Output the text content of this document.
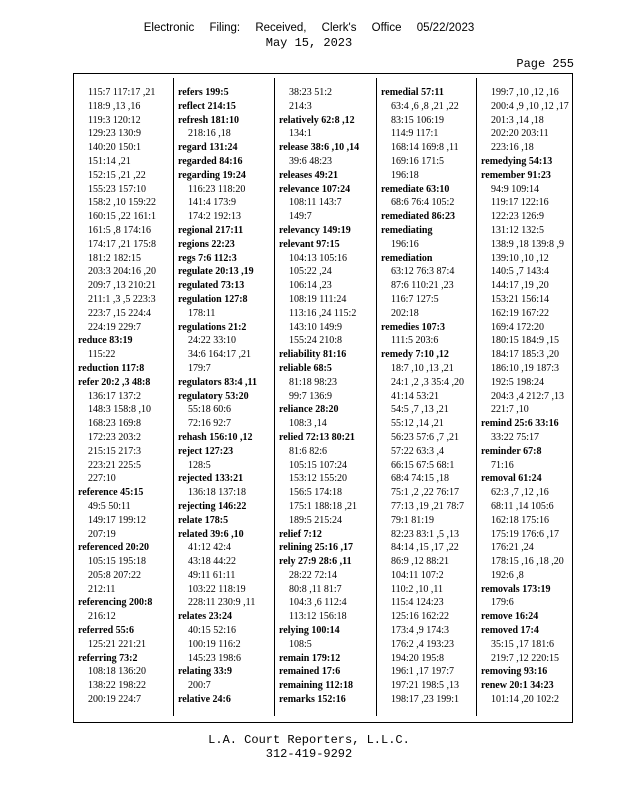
Electronic Filing: Received, Clerk's Office 05/22/2023
May 15, 2023
Page 255
115:7 117:17 ,21
118:9 ,13 ,16
119:3 120:12
129:23 130:9
140:20 150:1
151:14 ,21
152:15 ,21 ,22
155:23 157:10
158:2 ,10 159:22
160:15 ,22 161:1
161:5 ,8 174:16
174:17 ,21 175:8
181:2 182:15
203:3 204:16 ,20
209:7 ,13 210:21
211:1 ,3 ,5 223:3
223:7 ,15 224:4
224:19 229:7
reduce 83:19
115:22
reduction 117:8
refer 20:2 ,3 48:8
136:17 137:2
148:3 158:8 ,10
168:23 169:8
172:23 203:2
215:15 217:3
223:21 225:5
227:10
reference 45:15
49:5 50:11
149:17 199:12
207:19
referenced 20:20
105:15 195:18
205:8 207:22
212:11
referencing 200:8
216:12
referred 55:6
125:21 221:21
referring 73:2
108:18 136:20
138:22 198:22
200:19 224:7
refers 199:5
reflect 214:15
refresh 181:10
218:16 ,18
regard 131:24
regarded 84:16
regarding 19:24
116:23 118:20
141:4 173:9
174:2 192:13
regional 217:11
regions 22:23
regs 7:6 112:3
regulate 20:13 ,19
regulated 73:13
regulation 127:8
178:11
regulations 21:2
24:22 33:10
34:6 164:17 ,21
179:7
regulators 83:4 ,11
regulatory 53:20
55:18 60:6
72:16 92:7
rehash 156:10 ,12
reject 127:23
128:5
rejected 133:21
136:18 137:18
rejecting 146:22
relate 178:5
related 39:6 ,10
41:12 42:4
43:18 44:22
49:11 61:11
103:22 118:19
228:11 230:9 ,11
relates 23:24
40:15 52:16
100:19 116:2
145:23 198:6
relating 33:9
200:7
relative 24:6
38:23 51:2
214:3
relatively 62:8 ,12
134:1
release 38:6 ,10 ,14
39:6 48:23
releases 49:21
relevance 107:24
108:11 143:7
149:7
relevancy 149:19
relevant 97:15
104:13 105:16
105:22 ,24
106:14 ,23
108:19 111:24
113:16 ,24 115:2
143:10 149:9
155:24 210:8
reliability 81:16
reliable 68:5
81:18 98:23
99:7 136:9
reliance 28:20
108:3 ,14
relied 72:13 80:21
81:6 82:6
105:15 107:24
153:12 155:20
156:5 174:18
175:1 188:18 ,21
189:5 215:24
relief 7:12
relining 25:16 ,17
rely 27:9 28:6 ,11
28:22 72:14
80:8 ,11 81:7
104:3 ,6 112:4
113:12 156:18
relying 100:14
108:5
remain 179:12
remained 17:6
remaining 112:18
remarks 152:16
remedial 57:11
63:4 ,6 ,8 ,21 ,22
83:15 106:19
114:9 117:1
168:14 169:8 ,11
169:16 171:5
196:18
remediate 63:10
68:6 76:4 105:2
remediated 86:23
remediating
196:16
remediation
63:12 76:3 87:4
87:6 110:21 ,23
116:7 127:5
202:18
remedies 107:3
111:5 203:6
remedy 7:10 ,12
18:7 ,10 ,13 ,21
24:1 ,2 ,3 35:4 ,20
41:14 53:21
54:5 ,7 ,13 ,21
55:12 ,14 ,21
56:23 57:6 ,7 ,21
57:22 63:3 ,4
66:15 67:5 68:1
68:4 74:15 ,18
75:1 ,2 ,22 76:17
77:13 ,19 ,21 78:7
79:1 81:19
82:23 83:1 ,5 ,13
84:14 ,15 ,17 ,22
86:9 ,12 88:21
104:11 107:2
110:2 ,10 ,11
115:4 124:23
125:16 162:22
173:4 ,9 174:3
176:2 ,4 193:23
194:20 195:8
196:1 ,17 197:7
197:21 198:5 ,13
198:17 ,23 199:1
199:7 ,10 ,12 ,16
200:4 ,9 ,10 ,12 ,17
201:3 ,14 ,18
202:20 203:11
223:16 ,18
remedying 54:13
remember 91:23
94:9 109:14
119:17 122:16
122:23 126:9
131:12 132:5
138:9 ,18 139:8 ,9
139:10 ,10 ,12
140:5 ,7 143:4
144:17 ,19 ,20
153:21 156:14
162:19 167:22
169:4 172:20
180:15 184:9 ,15
184:17 185:3 ,20
186:10 ,19 187:3
192:5 198:24
204:3 ,4 212:7 ,13
221:7 ,10
remind 25:6 33:16
33:22 75:17
reminder 67:8
71:16
removal 61:24
62:3 ,7 ,12 ,16
68:11 ,14 105:6
162:18 175:16
175:19 176:6 ,17
176:21 ,24
178:15 ,16 ,18 ,20
192:6 ,8
removals 173:19
179:6
remove 16:24
removed 17:4
35:15 ,17 181:6
219:7 ,12 220:15
removing 93:16
renew 20:1 34:23
101:14 ,20 102:2
L.A. Court Reporters, L.L.C.
312-419-9292
